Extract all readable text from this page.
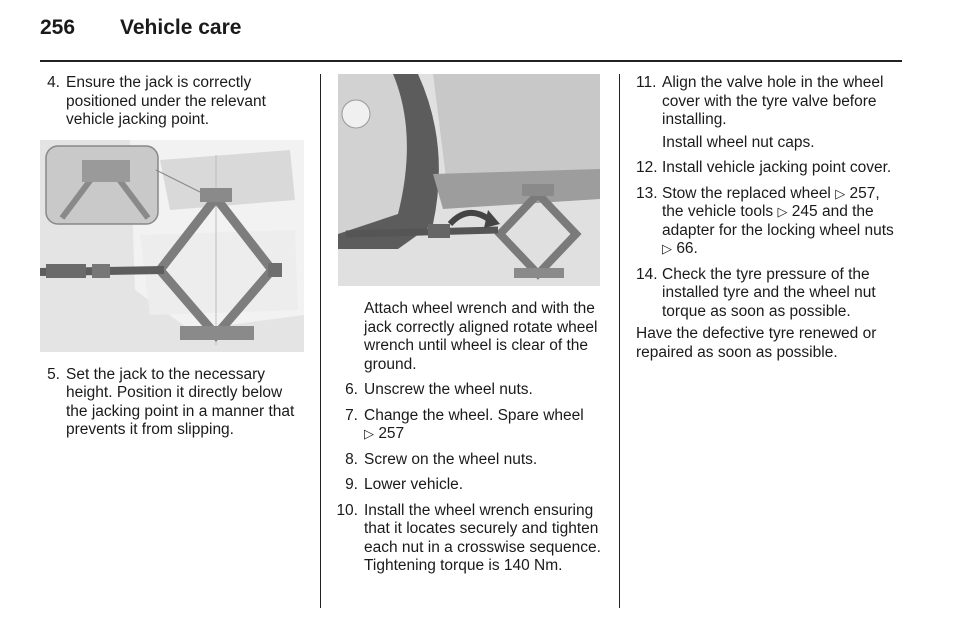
256	Vehicle care
4. Ensure the jack is correctly positioned under the relevant vehicle jacking point.
5. Set the jack to the necessary height. Position it directly below the jacking point in a manner that prevents it from slipping.
Attach wheel wrench and with the jack correctly aligned rotate wheel wrench until wheel is clear of the ground.
6. Unscrew the wheel nuts.
7. Change the wheel. Spare wheel
▷ 257
8. Screw on the wheel nuts.
9. Lower vehicle.
10. Install the wheel wrench ensuring that it locates securely and tighten each nut in a crosswise sequence. Tightening torque is 140 Nm.
11. Align the valve hole in the wheel cover with the tyre valve before installing.
Install wheel nut caps.
12. Install vehicle jacking point cover.
13. Stow the replaced wheel ▷ 257,
the vehicle tools ▷ 245 and the
adapter for the locking wheel nuts
▷ 66.
14. Check the tyre pressure of the installed tyre and the wheel nut torque as soon as possible.
Have the defective tyre renewed or repaired as soon as possible.
